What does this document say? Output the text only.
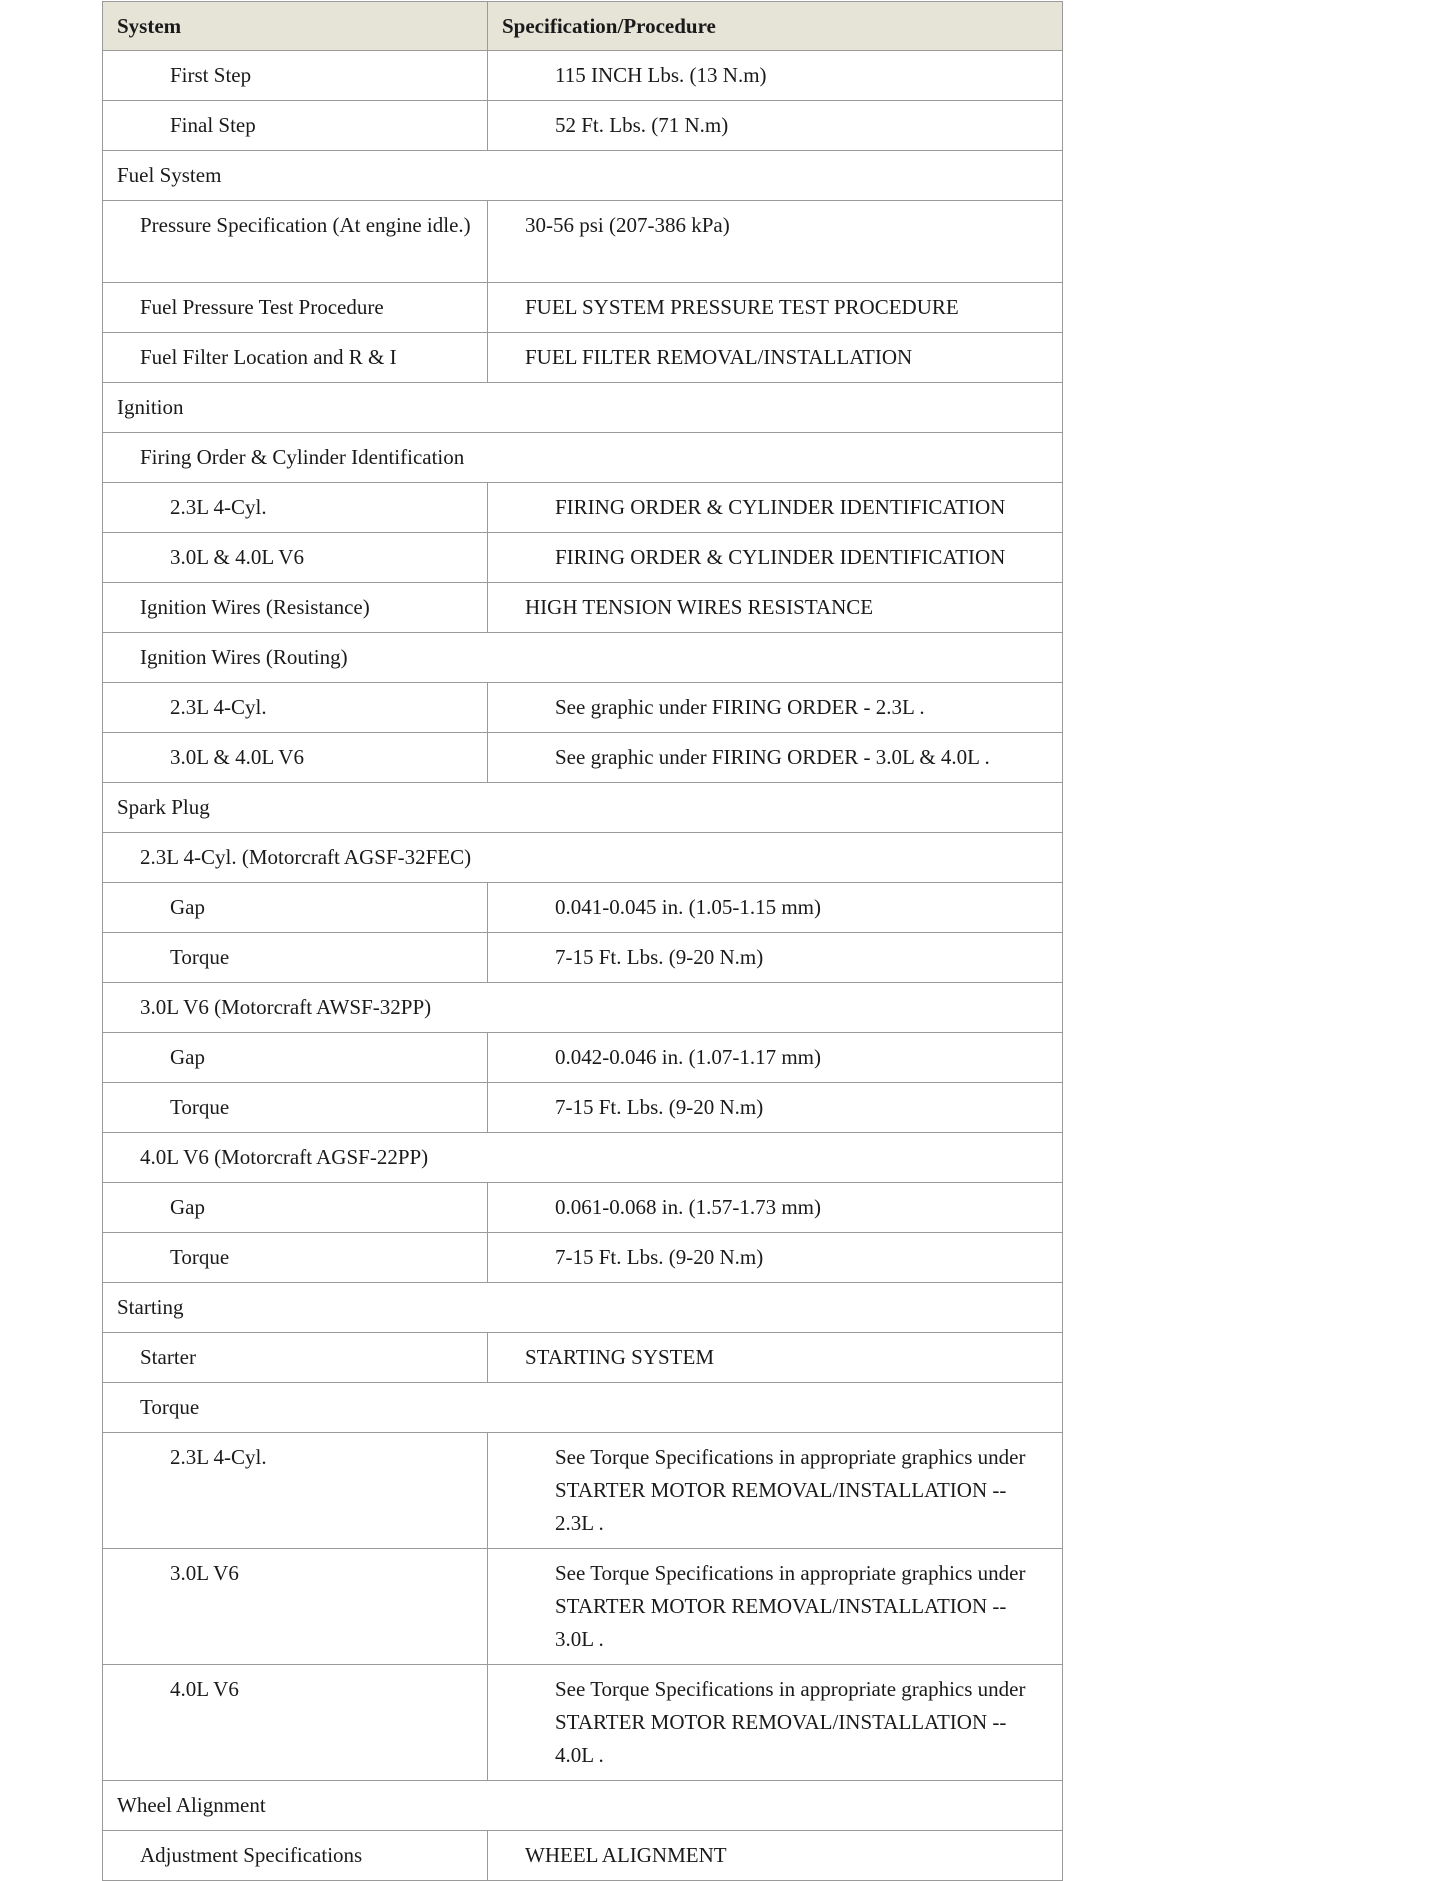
System	Specification/Procedure

First Step	115 INCH Lbs. (13 N.m)

Final Step	52 Ft. Lbs. (71 N.m)

Fuel System	

Pressure Specification (At engine idle.)	30-56 psi (207-386 kPa)

Fuel Pressure Test Procedure	FUEL SYSTEM PRESSURE TEST PROCEDURE

Fuel Filter Location and R & I	FUEL FILTER REMOVAL/INSTALLATION

Ignition	

Firing Order & Cylinder Identification	

2.3L 4-Cyl.	FIRING ORDER & CYLINDER IDENTIFICATION

3.0L & 4.0L V6	FIRING ORDER & CYLINDER IDENTIFICATION

Ignition Wires (Resistance)	HIGH TENSION WIRES RESISTANCE

Ignition Wires (Routing)	

2.3L 4-Cyl.	See graphic under FIRING ORDER - 2.3L .

3.0L & 4.0L V6	See graphic under FIRING ORDER - 3.0L & 4.0L .

Spark Plug	

2.3L 4-Cyl. (Motorcraft AGSF-32FEC)	

Gap	0.041-0.045 in. (1.05-1.15 mm)

Torque	7-15 Ft. Lbs. (9-20 N.m)

3.0L V6 (Motorcraft AWSF-32PP)	

Gap	0.042-0.046 in. (1.07-1.17 mm)

Torque	7-15 Ft. Lbs. (9-20 N.m)

4.0L V6 (Motorcraft AGSF-22PP)	

Gap	0.061-0.068 in. (1.57-1.73 mm)

Torque	7-15 Ft. Lbs. (9-20 N.m)

Starting	

Starter	STARTING SYSTEM

Torque	

2.3L 4-Cyl.	See Torque Specifications in appropriate graphics under STARTER MOTOR REMOVAL/INSTALLATION -- 2.3L .

3.0L V6	See Torque Specifications in appropriate graphics under STARTER MOTOR REMOVAL/INSTALLATION -- 3.0L .

4.0L V6	See Torque Specifications in appropriate graphics under STARTER MOTOR REMOVAL/INSTALLATION -- 4.0L .

Wheel Alignment	

Adjustment Specifications	WHEEL ALIGNMENT
